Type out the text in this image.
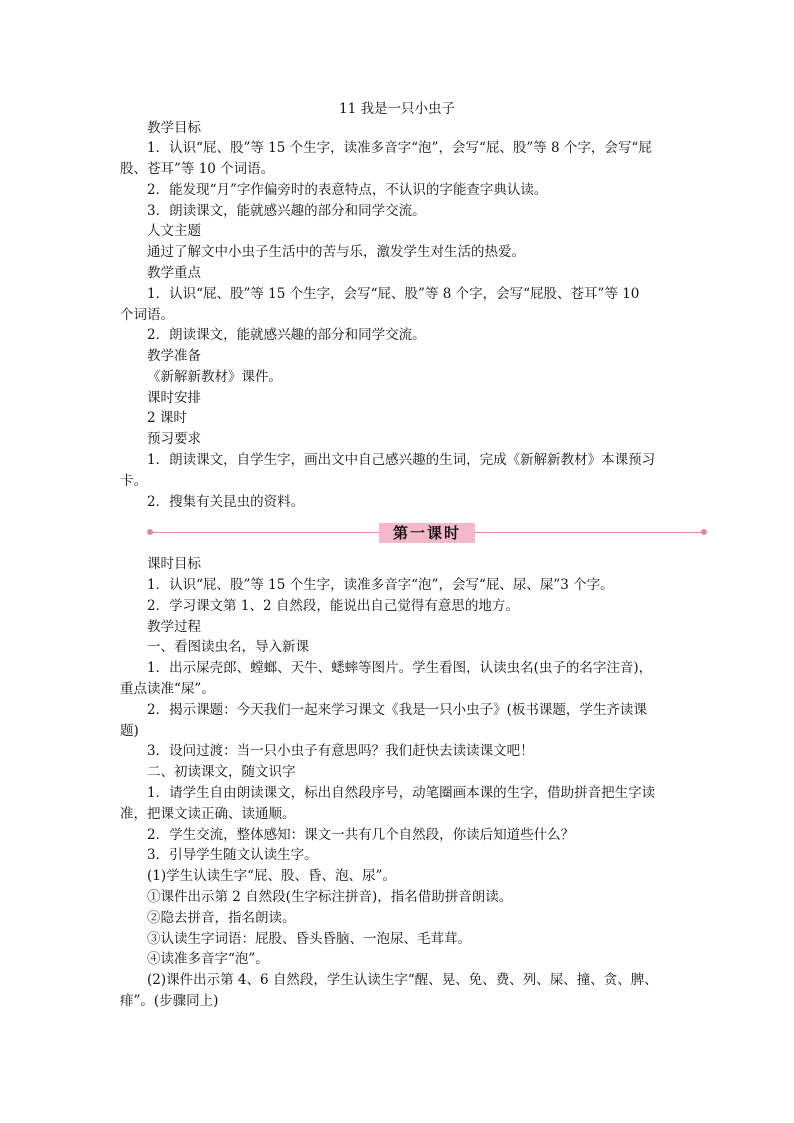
11 我是一只小虫子
教学目标
1．认识“屁、股”等 15 个生字，读准多音字“泡”，会写“屁、股”等 8 个字，会写“屁
股、苍耳”等 10 个词语。
2．能发现“月”字作偏旁时的表意特点，不认识的字能查字典认读。
3．朗读课文，能就感兴趣的部分和同学交流。
人文主题
通过了解文中小虫子生活中的苦与乐，激发学生对生活的热爱。
教学重点
1．认识“屁、股”等 15 个生字，会写“屁、股”等 8 个字，会写“屁股、苍耳”等 10
个词语。
2．朗读课文，能就感兴趣的部分和同学交流。
教学准备
《新解新教材》课件。
课时安排
2 课时
预习要求
1．朗读课文，自学生字，画出文中自己感兴趣的生词，完成《新解新教材》本课预习
卡。
2．搜集有关昆虫的资料。
第一课时
课时目标
1．认识“屁、股”等 15 个生字，读准多音字“泡”，会写“屁、尿、屎”3 个字。
2．学习课文第 1、2 自然段，能说出自己觉得有意思的地方。
教学过程
一、看图读虫名，导入新课
1．出示屎壳郎、螳螂、天牛、蟋蟀等图片。学生看图，认读虫名(虫子的名字注音)，
重点读准“屎”。
2．揭示课题：今天我们一起来学习课文《我是一只小虫子》(板书课题，学生齐读课
题)
3．设问过渡：当一只小虫子有意思吗？我们赶快去读读课文吧！
二、初读课文，随文识字
1．请学生自由朗读课文，标出自然段序号，动笔圈画本课的生字，借助拼音把生字读
准，把课文读正确、读通顺。
2．学生交流，整体感知：课文一共有几个自然段，你读后知道些什么？
3．引导学生随文认读生字。
(1)学生认读生字“屁、股、昏、泡、尿”。
①课件出示第 2 自然段(生字标注拼音)，指名借助拼音朗读。
②隐去拼音，指名朗读。
③认读生字词语：屁股、昏头昏脑、一泡尿、毛茸茸。
④读准多音字“泡”。
(2)课件出示第 4、6 自然段，学生认读生字“醒、晃、免、费、列、屎、撞、贪、脾、
痱”。(步骤同上)
